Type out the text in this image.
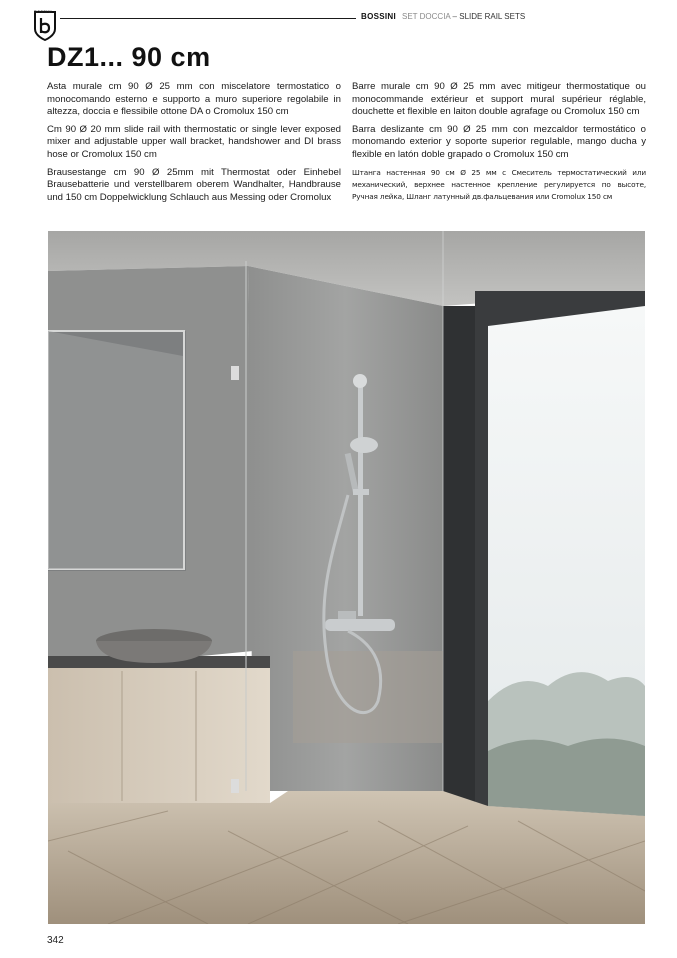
BOSSINI
BOSSINI SET DOCCIA – SLIDE RAIL SETS
DZ1... 90 cm

Asta murale cm 90 Ø 25 mm con miscelatore termostatico o monocomando esterno e supporto a muro superiore regolabile in altezza, doccia e flessibile ottone DA o Cromolux 150 cm

Cm 90 Ø 20 mm slide rail with thermostatic or single lever exposed mixer and adjustable upper wall bracket, handshower and DI brass hose or Cromolux 150 cm

Brausestange cm 90 Ø 25mm mit Thermostat oder Einhebel Brausebatterie und verstellbarem oberem Wandhalter, Handbrause und 150 cm Doppelwicklung Schlauch aus Messing oder Cromolux

Barre murale cm 90 Ø 25 mm avec mitigeur thermostatique ou monocommande extérieur et support mural supérieur réglable, douchette et flexible en laiton double agrafage ou Cromolux 150 cm

Barra deslizante cm 90 Ø 25 mm con mezcaldor termostático o monomando exterior y soporte superior regulable, mango ducha y flexible en latón doble grapado o Cromolux 150 cm

Штанга настенная 90 см Ø 25 мм с Смеситель термостатический или механический, верхнее настенное крепление регулируется по высоте, Ручная лейка, Шланг латунный дв.фальцевания или Cromolux 150 см

342
